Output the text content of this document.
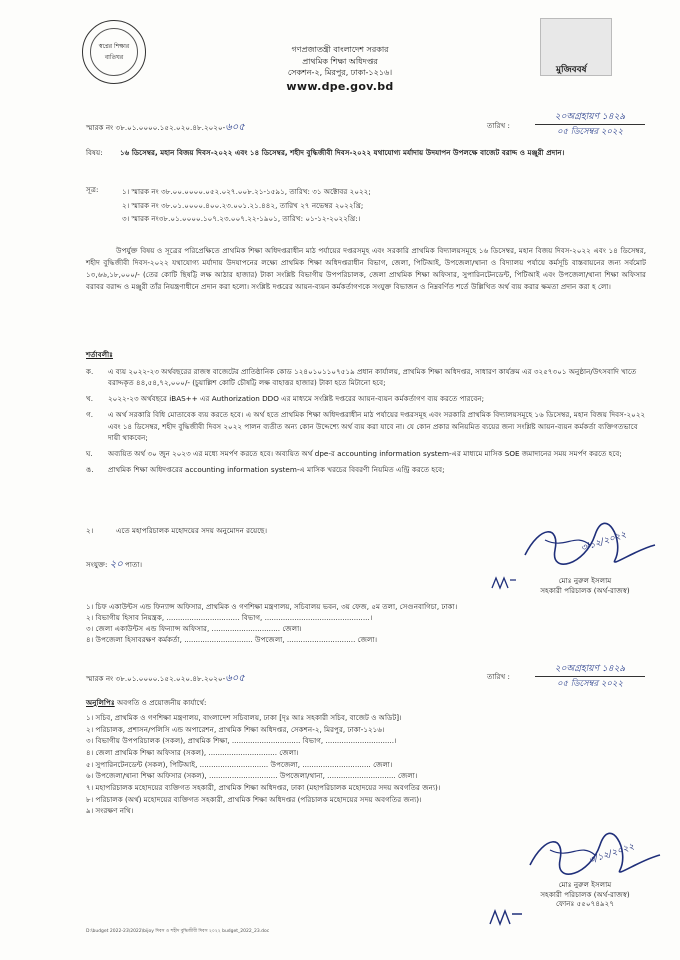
স্বপ্নের শিক্ষার বাতিঘর
গণপ্রজাতন্ত্রী বাংলাদেশ সরকার
প্রাথমিক শিক্ষা অধিদপ্তর
সেকশন-২, মিরপুর, ঢাকা-১২১৬।
www.dpe.gov.bd
মুজিববর্ষ
স্মারক নং ৩৮.০১.০০০০.১৫২.০২০.৪৮.২০২০-৬০৫	তারিখ :
২০অগ্রহায়ণ ১৪২৯
০৫ ডিসেম্বর ২০২২
বিষয়:	১৬ ডিসেম্বর, মহান বিজয় দিবস-২০২২ এবং ১৪ ডিসেম্বর, শহীদ বুদ্ধিজীবী দিবস-২০২২ যথাযোগ্য মর্যাদায় উদযাপন উপলক্ষে বাজেট বরাদ্দ ও মঞ্জুরী প্রদান।
সূত্র:	১। স্মারক নং ৩৮.০০.০০০০.০৫২.০২৭.০০৮.২১-১৫৯১, তারিখ: ৩১ অক্টোবর ২০২২;
২। স্মারক নং ৩৮.০১.০০০০.৪০০.২৩.০০১.২১.৪৪২, তারিখ ২৭ নভেম্বর ২০২২খ্রি;
৩। স্মারক নং৩৮.০১.০০০০.১০৭.২৩.০০৭.২২-১৯০১, তারিখ: ০১-১২-২০২২খ্রি:।
উপর্যুক্ত বিষয় ও সূত্রের পরিপ্রেক্ষিতে প্রাথমিক শিক্ষা অধিদপ্তরাধীন মাঠ পর্যায়ের দপ্তরসমূহ এবং সরকারি প্রাথমিক বিদ্যালয়সমূহে ১৬ ডিসেম্বর, মহান বিজয় দিবস-২০২২ এবং ১৪ ডিসেম্বর, শহীদ বুদ্ধিজীবী দিবস-২০২২ যথাযোগ্য মর্যাদায় উদযাপনের লক্ষ্যে প্রাথমিক শিক্ষা অধিদপ্তরাধীন বিভাগ, জেলা, পিটিআই, উপজেলা/থানা ও বিদ্যালয় পর্যায়ে কর্মসূচি বাস্তবায়নের জন্য সর্বমোট ১৩,৬৬,১৮,০০০/- (তের কোটি ছিষট্টি লক্ষ আঠার হাজার) টাকা সংশ্লিষ্ট বিভাগীয় উপপরিচালক, জেলা প্রাথমিক শিক্ষা অফিসার, সুপারিনটেনডেন্ট, পিটিআই এবং উপজেলা/থানা শিক্ষা অফিসার বরাবর বরাদ্দ ও মঞ্জুরী তাঁর নিয়ন্ত্রণাধীনে প্রদান করা হলো। সংশ্লিষ্ট দপ্তরের আয়ন-ব্যয়ন কর্মকর্তাগণকে সংযুক্ত বিভাজন ও নিম্নবর্ণিত শর্তে উল্লিখিত অর্থ ব্যয় করার ক্ষমতা প্রদান করা হ লো।
শর্তাবলীঃ
ক.	এ ব্যয় ২০২২-২৩ অর্থবছরের রাজস্ব বাজেটের প্রাতিষ্ঠানিক কোড ১২৪০১০১১০৭৫১৯ প্রধান কার্যালয়, প্রাথমিক শিক্ষা অধিদপ্তর, সাধারণ কার্যক্রম এর ৩২৫৭৩০১ অনুষ্ঠান/উৎসবাদি খাতে বরাদ্দকৃত ৪৪,৫৪,৭২,০০০/- (চুয়াল্লিশ কোটি চৌষট্টি লক্ষ বাহাত্তর হাজার) টাকা হতে মিটানো হবে;
খ.	২০২২-২৩ অর্থবছরে iBAS++ এর Authorization DDO এর মাধ্যমে সংশ্লিষ্ট দপ্তরের আয়ন-ব্যয়ন কর্মকর্তাগণ ব্যয় করতে পারবেন;
গ.	এ অর্থ সরকারি বিধি মোতাবেক ব্যয় করতে হবে। এ অর্থ হতে প্রাথমিক শিক্ষা অধিদপ্তরাধীন মাঠ পর্যায়ের দপ্তরসমূহ এবং সরকারি প্রাথমিক বিদ্যালয়সমূহে ১৬ ডিসেম্বর, মহান বিজয় দিবস-২০২২ এবং ১৪ ডিসেম্বর, শহীদ বুদ্ধিজীবী দিবস ২০২২ পালন ব্যতীত অন্য কোন উদ্দেশ্যে অর্থ ব্যয় করা যাবে না। যে কোন প্রকার অনিয়মিত ব্যয়ের জন্য সংশ্লিষ্ট আয়ন-ব্যয়ন কর্মকর্তা ব্যক্তিগতভাবে দায়ী থাকবেন;
ঘ.	অব্যয়িত অর্থ ৩০ জুন ২০২৩ এর মধ্যে সমর্পণ করতে হবে। অব্যয়িত অর্থ dpe-র accounting information system-এর মাধ্যমে মাসিক SOE জমাদানের সময় সমর্পণ করতে হবে;
ঙ.	প্রাথমিক শিক্ষা অধিদপ্তরের accounting information system-এ মাসিক খরচের বিবরণী নিয়মিত এন্ট্রি করতে হবে;
২।	এতে মহাপরিচালক মহোদয়ের সদয় অনুমোদন রয়েছে।
সংযুক্ত: ২০ পাতা।
৩/১২/২০২২
মোঃ নুরুল ইসলাম
সহকারী পরিচালক (অর্থ-রাজস্ব)
১। চিফ একাউন্টস এন্ড ফিন্যান্স অফিসার, প্রাথমিক ও গণশিক্ষা মন্ত্রণালয়, সচিবালয় ভবন, ৩য় ফেজ, ৫ম তলা, সেগুনবাগিচা, ঢাকা।
২। বিভাগীয় হিসাব নিয়ন্ত্রক, ................................ বিভাগ, ..............................................।
৩। জেলা একাউন্টস এন্ড ফিন্যান্স অফিসার, .............................. জেলা।
৪। উপজেলা হিসাবরক্ষণ কর্মকর্তা, .............................. উপজেলা, .............................. জেলা।
স্মারক নং ৩৮.০১.০০০০.১৫২.০২০.৪৮.২০২০-৬০৫	তারিখ :
২০অগ্রহায়ণ ১৪২৯
০৫ ডিসেম্বর ২০২২
অনুলিপিঃ অবগতি ও প্রয়োজনীয় কার্যার্থে:
১। সচিব, প্রাথমিক ও গণশিক্ষা মন্ত্রণালয়, বাংলাদেশ সচিবালয়, ঢাকা [দৃঃ আঃ সহকারী সচিব, বাজেট ও অডিট]।
২। পরিচালক, প্রশাসন/পলিসি এন্ড অপারেশন, প্রাথমিক শিক্ষা অধিদপ্তর, সেকশন-২, মিরপুর, ঢাকা-১২১৬।
৩। বিভাগীয় উপপরিচালক (সকল), প্রাথমিক শিক্ষা, .............................. বিভাগ, ..............................।
৪। জেলা প্রাথমিক শিক্ষা অফিসার (সকল), .............................. জেলা।
৫। সুপারিনটেনডেন্ট (সকল), পিটিআই, .............................. উপজেলা, .............................. জেলা।
৬। উপজেলা/থানা শিক্ষা অফিসার (সকল), .............................. উপজেলা/থানা, .............................. জেলা।
৭। মহাপরিচালক মহোদয়ের ব্যক্তিগত সহকারী, প্রাথমিক শিক্ষা অধিদপ্তর, ঢাকা (মহাপরিচালক মহোদয়ের সদয় অবগতির জন্য)।
৮। পরিচালক (অর্থ) মহোদয়ের ব্যক্তিগত সহকারী, প্রাথমিক শিক্ষা অধিদপ্তর (পরিচালক মহোদয়ের সদয় অবগতির জন্য)।
৯। সংরক্ষণ নথি।
৩/১২/২০২২
মোঃ নুরুল ইসলাম
সহকারী পরিচালক (অর্থ-রাজস্ব)
ফোনঃ ৫৫০৭৪৯২৭
D:\budget 2022-23\2022\bijoy দিবস ও শহীদ বুদ্ধিজীবী দিবস ২০২২ budget_2022_23.doc
